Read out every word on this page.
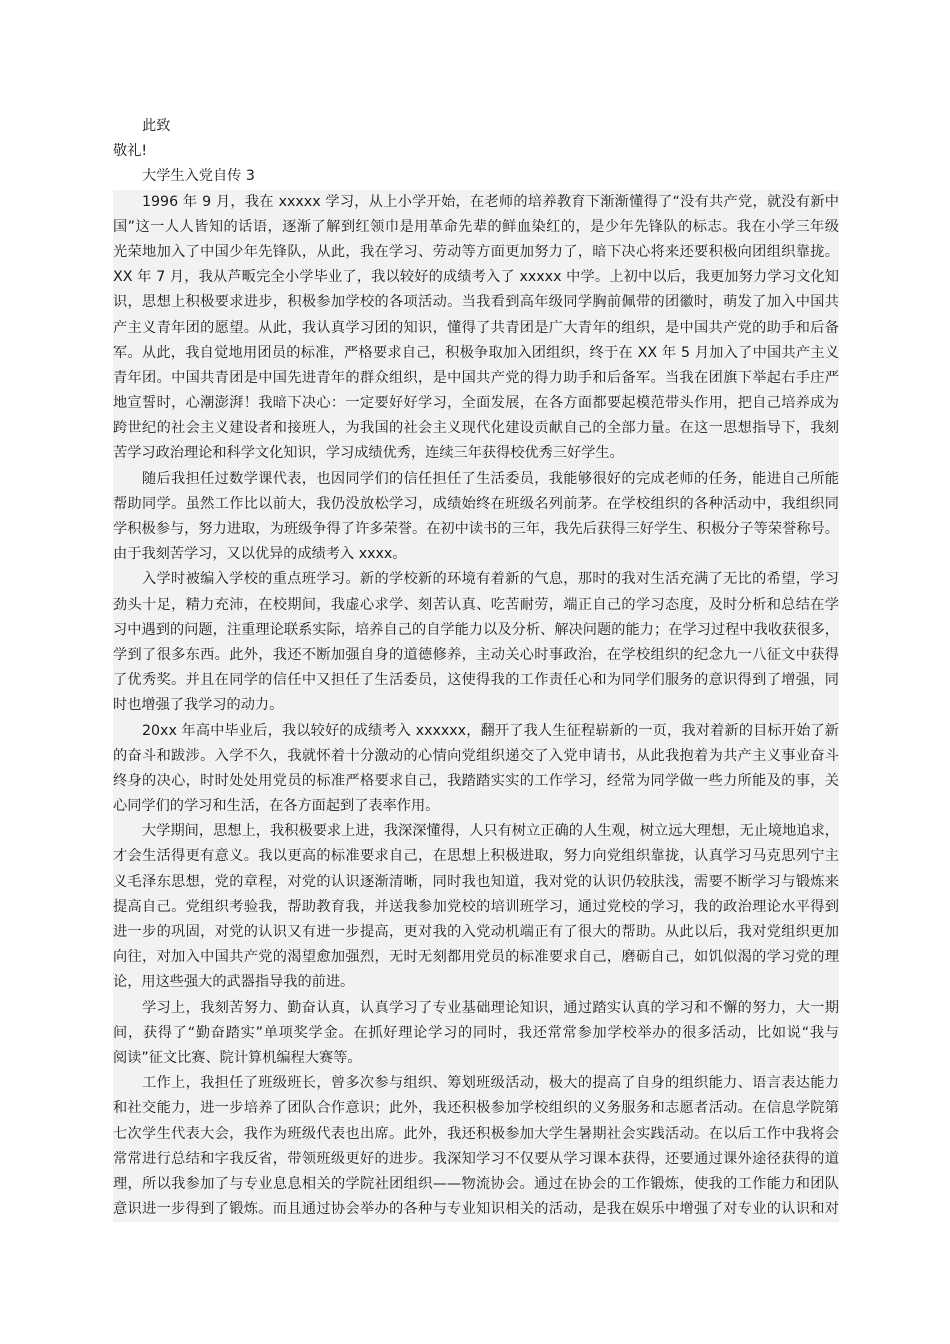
此致
敬礼!
大学生入党自传 3
1996 年 9 月，我在 xxxxx 学习，从上小学开始，在老师的培养教育下渐渐懂得了“没有共产党，就没有新中
国”这一人人皆知的话语，逐渐了解到红领巾是用革命先辈的鲜血染红的，是少年先锋队的标志。我在小学三年级
光荣地加入了中国少年先锋队，从此，我在学习、劳动等方面更加努力了，暗下决心将来还要积极向团组织靠拢。
XX 年 7 月，我从芦畈完全小学毕业了，我以较好的成绩考入了 xxxxx 中学。上初中以后，我更加努力学习文化知
识，思想上积极要求进步，积极参加学校的各项活动。当我看到高年级同学胸前佩带的团徽时，萌发了加入中国共
产主义青年团的愿望。从此，我认真学习团的知识，懂得了共青团是广大青年的组织，是中国共产党的助手和后备
军。从此，我自觉地用团员的标准，严格要求自己，积极争取加入团组织，终于在 XX 年 5 月加入了中国共产主义
青年团。中国共青团是中国先进青年的群众组织，是中国共产党的得力助手和后备军。当我在团旗下举起右手庄严
地宣誓时，心潮澎湃！我暗下决心：一定要好好学习，全面发展，在各方面都要起模范带头作用，把自己培养成为
跨世纪的社会主义建设者和接班人，为我国的社会主义现代化建设贡献自己的全部力量。在这一思想指导下，我刻
苦学习政治理论和科学文化知识，学习成绩优秀，连续三年获得校优秀三好学生。
随后我担任过数学课代表，也因同学们的信任担任了生活委员，我能够很好的完成老师的任务，能进自己所能
帮助同学。虽然工作比以前大，我仍没放松学习，成绩始终在班级名列前茅。在学校组织的各种活动中，我组织同
学积极参与，努力进取，为班级争得了许多荣誉。在初中读书的三年，我先后获得三好学生、积极分子等荣誉称号。
由于我刻苦学习，又以优异的成绩考入 xxxx。
入学时被编入学校的重点班学习。新的学校新的环境有着新的气息，那时的我对生活充满了无比的希望，学习
劲头十足，精力充沛，在校期间，我虚心求学、刻苦认真、吃苦耐劳，端正自己的学习态度，及时分析和总结在学
习中遇到的问题，注重理论联系实际，培养自己的自学能力以及分析、解决问题的能力；在学习过程中我收获很多，
学到了很多东西。此外，我还不断加强自身的道德修养，主动关心时事政治，在学校组织的纪念九一八征文中获得
了优秀奖。并且在同学的信任中又担任了生活委员，这使得我的工作责任心和为同学们服务的意识得到了增强，同
时也增强了我学习的动力。
20xx 年高中毕业后，我以较好的成绩考入 xxxxxx，翻开了我人生征程崭新的一页，我对着新的目标开始了新
的奋斗和跋涉。入学不久，我就怀着十分激动的心情向党组织递交了入党申请书，从此我抱着为共产主义事业奋斗
终身的决心，时时处处用党员的标准严格要求自己，我踏踏实实的工作学习，经常为同学做一些力所能及的事，关
心同学们的学习和生活，在各方面起到了表率作用。
大学期间，思想上，我积极要求上进，我深深懂得，人只有树立正确的人生观，树立远大理想，无止境地追求，
才会生活得更有意义。我以更高的标准要求自己，在思想上积极进取，努力向党组织靠拢，认真学习马克思列宁主
义毛泽东思想，党的章程，对党的认识逐渐清晰，同时我也知道，我对党的认识仍较肤浅，需要不断学习与锻炼来
提高自己。党组织考验我，帮助教育我，并送我参加党校的培训班学习，通过党校的学习，我的政治理论水平得到
进一步的巩固，对党的认识又有进一步提高，更对我的入党动机端正有了很大的帮助。从此以后，我对党组织更加
向往，对加入中国共产党的渴望愈加强烈，无时无刻都用党员的标准要求自己，磨砺自己，如饥似渴的学习党的理
论，用这些强大的武器指导我的前进。
学习上，我刻苦努力、勤奋认真，认真学习了专业基础理论知识，通过踏实认真的学习和不懈的努力，大一期
间，获得了“勤奋踏实”单项奖学金。在抓好理论学习的同时，我还常常参加学校举办的很多活动，比如说“我与
阅读”征文比赛、院计算机编程大赛等。
工作上，我担任了班级班长，曾多次参与组织、筹划班级活动，极大的提高了自身的组织能力、语言表达能力
和社交能力，进一步培养了团队合作意识；此外，我还积极参加学校组织的义务服务和志愿者活动。在信息学院第
七次学生代表大会，我作为班级代表也出席。此外，我还积极参加大学生暑期社会实践活动。在以后工作中我将会
常常进行总结和字我反省，带领班级更好的进步。我深知学习不仅要从学习课本获得，还要通过课外途径获得的道
理，所以我参加了与专业息息相关的学院社团组织——物流协会。通过在协会的工作锻炼，使我的工作能力和团队
意识进一步得到了锻炼。而且通过协会举办的各种与专业知识相关的活动，是我在娱乐中增强了对专业的认识和对
